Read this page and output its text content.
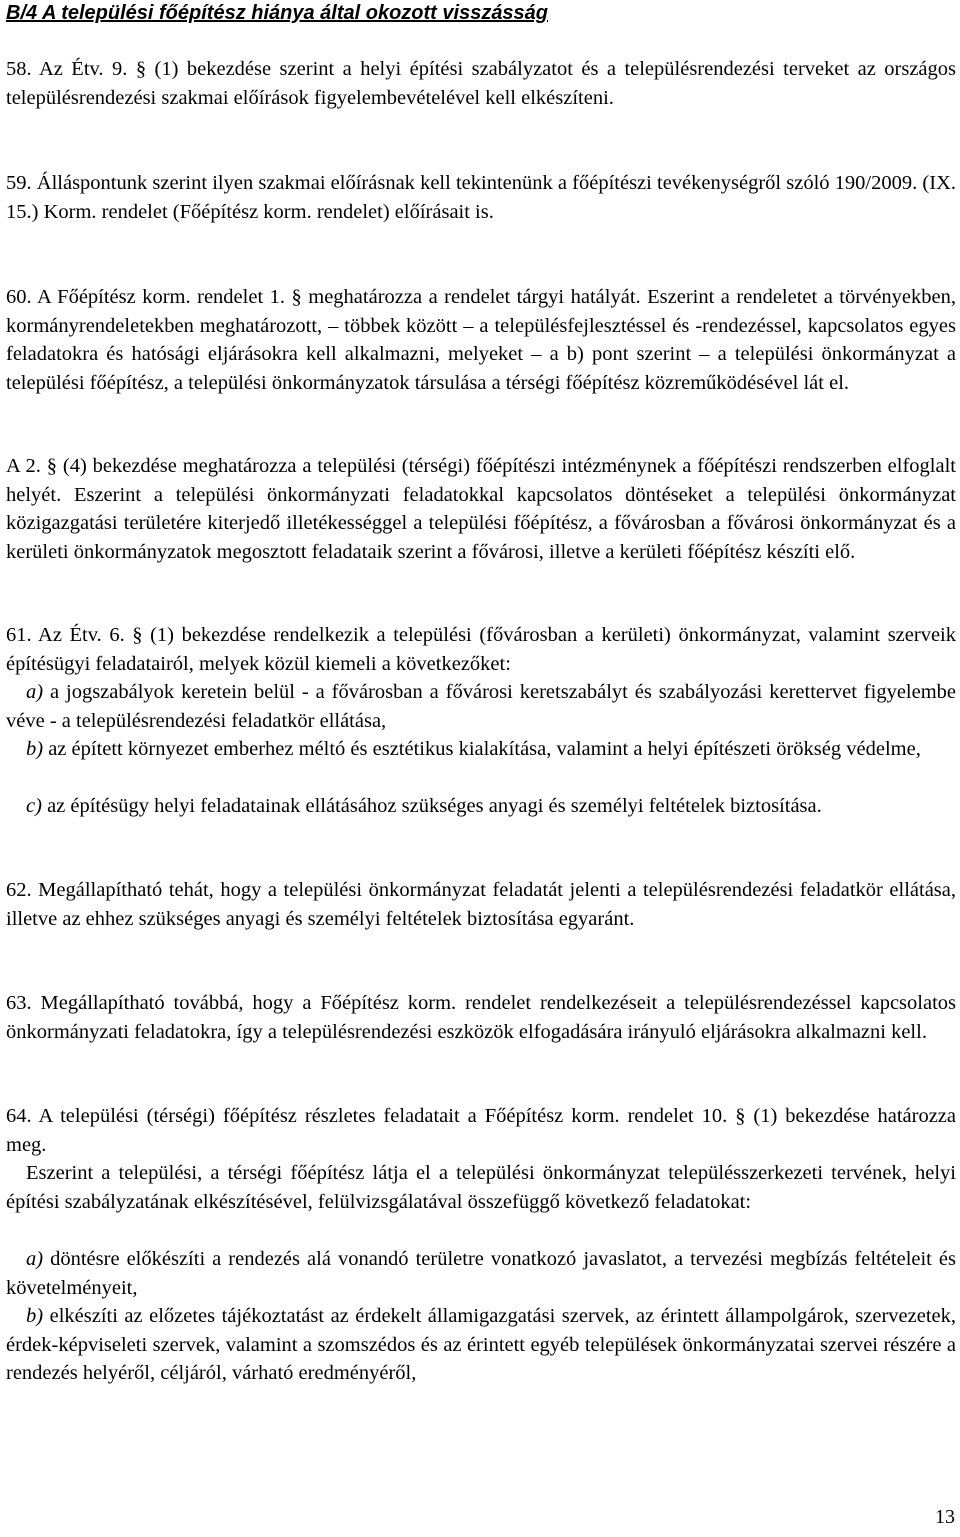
B/4 A települési főépítész hiánya által okozott visszásság
58. Az Étv. 9. § (1) bekezdése szerint a helyi építési szabályzatot és a településrendezési terveket az országos településrendezési szakmai előírások figyelembevételével kell elkészíteni.
59. Álláspontunk szerint ilyen szakmai előírásnak kell tekintenünk a főépítészi tevékenységről szóló 190/2009. (IX. 15.) Korm. rendelet (Főépítész korm. rendelet) előírásait is.
60. A Főépítész korm. rendelet 1. § meghatározza a rendelet tárgyi hatályát. Eszerint a rendeletet a törvényekben, kormányrendeletekben meghatározott, – többek között – a településfejlesztéssel és -rendezéssel, kapcsolatos egyes feladatokra és hatósági eljárásokra kell alkalmazni, melyeket – a b) pont szerint – a települési önkormányzat a települési főépítész, a települési önkormányzatok társulása a térségi főépítész közreműködésével lát el.
A 2. § (4) bekezdése meghatározza a települési (térségi) főépítészi intézménynek a főépítészi rendszerben elfoglalt helyét. Eszerint a települési önkormányzati feladatokkal kapcsolatos döntéseket a települési önkormányzat közigazgatási területére kiterjedő illetékességgel a települési főépítész, a fővárosban a fővárosi önkormányzat és a kerületi önkormányzatok megosztott feladataik szerint a fővárosi, illetve a kerületi főépítész készíti elő.
61. Az Étv. 6. § (1) bekezdése rendelkezik a települési (fővárosban a kerületi) önkormányzat, valamint szerveik építésügyi feladatairól, melyek közül kiemeli a következőket:
a) a jogszabályok keretein belül - a fővárosban a fővárosi keretszabályt és szabályozási kerettervet figyelembe véve - a településrendezési feladatkör ellátása,
b) az épített környezet emberhez méltó és esztétikus kialakítása, valamint a helyi építészeti örökség védelme,
c) az építésügy helyi feladatainak ellátásához szükséges anyagi és személyi feltételek biztosítása.
62. Megállapítható tehát, hogy a települési önkormányzat feladatát jelenti a településrendezési feladatkör ellátása, illetve az ehhez szükséges anyagi és személyi feltételek biztosítása egyaránt.
63. Megállapítható továbbá, hogy a Főépítész korm. rendelet rendelkezéseit a településrendezéssel kapcsolatos önkormányzati feladatokra, így a településrendezési eszközök elfogadására irányuló eljárásokra alkalmazni kell.
64. A települési (térségi) főépítész részletes feladatait a Főépítész korm. rendelet 10. § (1) bekezdése határozza meg.
Eszerint a települési, a térségi főépítész látja el a települési önkormányzat településszerkezeti tervének, helyi építési szabályzatának elkészítésével, felülvizsgálatával összefüggő következő feladatokat:
a) döntésre előkészíti a rendezés alá vonandó területre vonatkozó javaslatot, a tervezési megbízás feltételeit és követelményeit,
b) elkészíti az előzetes tájékoztatást az érdekelt államigazgatási szervek, az érintett állampolgárok, szervezetek, érdek-képviseleti szervek, valamint a szomszédos és az érintett egyéb települések önkormányzatai szervei részére a rendezés helyéről, céljáról, várható eredményéről,
13
